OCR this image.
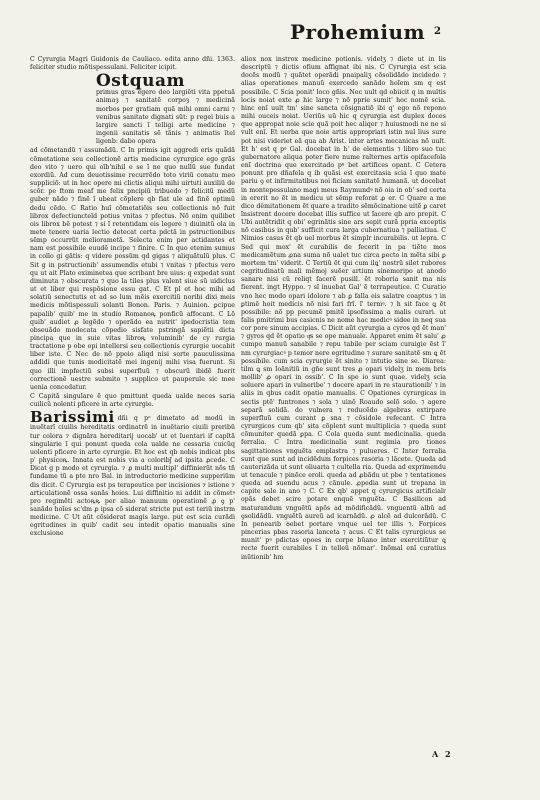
Prohemium 2

C Cyrurgia Magri Guidonis de Cauliaco. edita anno dñi. 1363. feliciter studio mõtispessulani. Feliciter icipit.

Ostquam

primus gras egero deo largiẽti vita ppetuã animaȝ ⁊ sanitatẽ corpoȝ ⁊ medicinã morbos per gratiam quã mihi omni carni ⁊ venibus sanitate dignati sũt: p regei buis a largire sancti ĩ telligi arte medicine ⁊ ingenii sanitatis sẽ tãnis ⁊ animatis ĩtel ligenb: dabo opera

ad cõmetandũ ⁊ assumãdũ. C In primis igit aggredi eris quãdã cõmetatione seu collectionẽ artis medicine cyrurgice ego grãs deo vito ⁊ uero qui oĩb'nihil e se ĩ ne quo nullũ sue fundat exordiũ. Ad cum deuotissime recurrẽdo toto viriũ conatu meo suppliciõ: ut in hoc opere mi clictis aliqui mihi uirtuti auxiliũ de scõr. pe ftom meaf me felix pncipiũ tribuedo ⁊ felicitũ medũ guber nãdo ⁊ finẽ ĩ ubeat cõplere qb fiat ule ad finẽ optimũ dedu cẽdo. C Ratio huĩ cõmetatiõis seu collectionis nõ fuit librox defectiuncteld potius vnitas ⁊ pfectus. Nõ enim quilibet ois librox bẽ potest ⁊ si ĩ retentidam eis legere ⁊ diuinitũ ola in mete tenere uaria lectio detecat certa pdctã in pstructionibus sẽmp occurrũt meliorametã. Selecta enim per actidantes et nam est possibile euudẽ incipe ⁊ finire. C In quo etenim sumus in collo gi gãtis: q videre possũm qd gigas ⁊ aliquãtulũ plus. C Sit g in pstructionib' assumendis etubi ⁊ vnitas ⁊ pfectus vero qu ut ait Plato eximinetea que scribant bre uius: q expedat sunt diminuta ⁊ obscurata ⁊ quo la tiles plus valent siue sũ uidiclus ut et liber qui respõsione essu gat. C Et pl et hoc mihi ad solatiũ senectutis et ad so lum mẽis exercitiũ noribi dixi meis medicis mõtispessuli solanti Bonon. Paris. ⁊ Auinion. ꝑcipue papalib' quib' me in studio Romanoꝶ ponficũ affocant. C Lõ quib' audiet ꝓ legẽdo ⁊ operãdo ea nutrit' ipedocristia tem obseuãdo modecata cõpedio sisfate pstringã sapiẽtii dicta pincipa que in suie vitas libroꝶ voluminib' de cy rurgia tractatione p obe opi intellersi seu collectionis cyrurgie uocabit liber iste. C Nec de nõ ppoio aliqd nisi sorte pauculissima addidi que tunis modicitatẽ mei ingenij mihi visa fuerunt. Si quo illi impfectiũ subsi superfluũ ⁊ obscurũ ibidẽ fuerit correctionẽ uestre submito ⁊ supplico ut pauperule sic mee uenia concedatur.

C Capitã singulare ẽ quo pmittunt queda ualde neces saria cuilicũ nolenti pficere in arte cyrurgie.

Barissimi dñi q pᵒ dimetato ad modũ in inuẽtarĩ ciuilis hereditatis ordinatrẽ in inuẽtario ciuili preribũ tur colora ⁊ dignãra hereditarij uocab' ut et ĩuentari if capĩtã singularie ĩ qui ponunt queda cola ualde ne cessaria cuicũq uolenti pficere in arte cyrurgie. Et hoc est qb nobis indicat pbs p' physicoꝶ. Innata est nobis via a coloribʃ ad ipsita ꝓcede. C Dicat g p modo et cyrurgia. ⁊ ꝓ multi multipl' diffinierũt nõs tñ fundame tũ a pte nro Bal. in introductorio medicine supperiũm dis dicit. C Cyrurgia est ps terapeutice per incisiones ⁊ istione ⁊ articulationẽ ossa sanãs hoies. Lui diffinitio ni addit in cõmetꝰ pro regimẽti actoꝶꝶ per aliao manuum operationẽ ꝓ ꝯ p' sanãdo hoĩes sc'dm ꝓ ipsa cõ siderat stricte put est teriũ instrm medicine. C Ut aũt cõsiderat magis large. put est scia curãdi egritudines in quib' cadit seu intedit opatio manualis sine exclusione

aliox nox instrox medicine potionis. videlʒ ⁊ diete ut in lis descriptũ ⁊ dictis ofium affignat ibi nis. C Cyrurgia est scia docẽs modũ ⁊ quãtet operãdi pnaipaliʒ cõsolidãdo incidedo ⁊ alias operationes manuũ exercedo sanãdo hoĩem sm q est possibile. C Scia ponit' loco gñis. Nec uult qd obiicit q in multis locis noiat exte ꝓ hic large ⁊ nõ pprie sumit' hoc nomẽ scia. hinc enĩ uult tm' sine sancta cõsignatiõ ibi q' ego nõ repono mihi ouceis noiat. Ueriũs uũ hic q cyrurgia est duplex doces que appropat noie scie quã poit hec aliqer ⁊ huiusmodi ne ne si vult enĩ. Et uerba que noie artis appropriari istin nul lius sure pot nisi videriet eã qua ab Arist. inter artes mecanicas nõ uult. Et h' est q pꝰ Gal. docebat in h' de elementis ⁊ libro suo tuc gubernatore aliqua poter fiere nume ralternes artis opifacefola enĩ doctrina que exercitado pꝰ bet artifices opant. C Cetera ponunt pro dñafela q ib quãsi est exercitasia scia ĩ quo mate pariu ꝯ et infirmitatibus noi ficiam sanitatẽ humanã. ut docebat in montepessulano magi meus Raymundꝰ nõ oia in ob' sed certa in ererit no ẽt in medicu ut sẽmp reforat ꝓ er. C Quare a me dico dêmitationem ẽt quare a tradito sẽmõcinatione uitẽ ꝑ caret ĩnsistrent docere docebat illis suffice ut ĩacere qb aro prepit. C Ubi autẽtridit q obi' egrinãtis sine ars sepit curã ppria exceptis nõ casibus in qub' sufficit cura larga cubernatiua ⁊ palliatiua. C Nimios casus ẽt qb uel morbus ẽt simplr incurabilis. ut lepra. C Sed qui mox' ẽt curabilis de fecerit in pa tiẽte mos medicamẽtum ꝓna suma nõ ualet tuc circa ꝑecto in mẽta sibi ꝑ mortem tm' viderit. C Tertiũ ẽt qui cum ilꝗ' nostrũ silet rubores cegritudinatũ mali mẽmoj suẽer artium sinemoripo at anodo sanare nisi cũ reliqt facerẽ pusill. ẽt roboria sanit ma nis fierent. ingt Hyppo. ⁊ sĩ inuebat Gal' ẽ terrapeutice. C Curatio vno hec modo opari idolore ⁊ ab ꝑ falla eis salatre coaptus ⁊ in ꝑtimẽ hoit medicis nõ nisi fari frĩ. ĩ' termꝰ. ⁊ h sit face ꝗ ẽt possibile: nõ pp pecumẽ pmitẽ ipsofissima a malis curari. ut falis pmitrimi bus casicnis ne nome hac medicꝰ sidee in neq sua cor pore sinum accipias. C Dicit aũt cyrurgia a cyros qd ẽt man' ⁊ gyros qd ẽt opatio qͣs se ope manuale. Apparet enim ẽt salu' ꝓ cumpo manuũ sanabile ⁊ repu tabile per sciam curaigie ẽst ĩ' nm cyrurgiacꝰ p temor nere egritudine ⁊ surare sanitatẽ sm ꝗ ẽt possibile. cum scia cyrurgie ẽt sinito ⁊ intutio sine se. Diarea: tilm ꝗ sm Ioãnitiũ in gñe sunt tres ꝓ opari videlʒ in mem bris mollib' ꝓ opari in ossib'. C In spe io sunt quae. videlʒ scia soluere apari in vulneribe' ⁊ docere apari in re staurationib' ⁊ in aliis in qbus cadit opatio manualis. C Opationes cyrurgicas in sectis ptẽ' funtrones ⁊ sola ⁊ uinõ Roaudo selõ solo. ⁊ agere separã solidã. do vulnera ⁊ reducẽdo algebras extirpare superfluũ cum curant ꝑ sna ⁊ cõsidole refecant. C Intra cyrurgicos cum qb' sita cõplent sunt multiplicia ⁊ queda sunt cõmuniter quedã ꝑpa. C Cola queda sunt medicinalia. queda ferralia. C Intra medicinalia sunt regimia pro tiones sagittationes vnguẽta emplastra ⁊ pulueres. C Inter ferralia sunt que sunt ad incidẽdum forpices rasoria ⁊ lãcete. Queda ad cauterizãda ut sunt oliuaria ⁊ cultella ria. Queda ad exprimendu ut tenacule ⁊ pinẽce eroli. queda ad ꝓbãdu ut pbe ⁊ tentationes queda ad suendu acus ⁊ cãnule. ꝓpedia sunt ut trepana in capite sale in ano ⁊ C. C Ex qb' appet q cyrurgicus artificialr opãs debet scire potare enquẽ vnguẽta. C Basilicon ad maturandum vnguẽtũ apõs ad mõdificãdũ. vnguentũ albũ ad ꝯsolidãdũ. vnguẽtũ aureũ ad icarnãdũ. ꝓ alcẽ ad dulcorãdũ. C In penearib ꝺebet portare vnque uel ter illis ⁊. Forpices pincerias pbas rasoria lanceta ⁊ acus. C Et talis cyrurgicus se munit' pꝰ pdictas opoes in corpe bũano inter exercitiũtur ꝗ recte fuerit curabiles ĩ in telleũ nõmar'. Inõmal enĩ curatius inũtionib' hm

A 2
